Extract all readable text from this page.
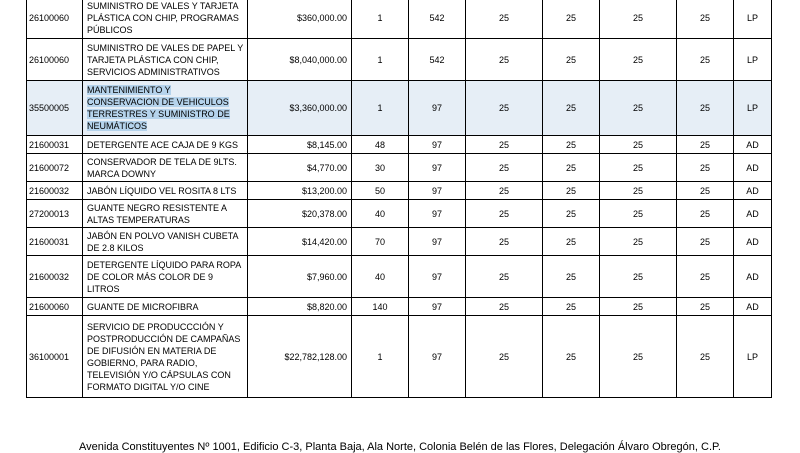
26100060	SUMINISTRO DE VALES Y TARJETA PLÁSTICA CON CHIP, PROGRAMAS PÚBLICOS	$360,000.00	1	542	25	25	25	25	LP
26100060	SUMINISTRO DE VALES DE PAPEL Y TARJETA PLÁSTICA CON CHIP, SERVICIOS ADMINISTRATIVOS	$8,040,000.00	1	542	25	25	25	25	LP
35500005	MANTENIMIENTO Y CONSERVACION DE VEHICULOS TERRESTRES Y SUMINISTRO DE NEUMÁTICOS	$3,360,000.00	1	97	25	25	25	25	LP
21600031	DETERGENTE ACE CAJA DE 9 KGS	$8,145.00	48	97	25	25	25	25	AD
21600072	CONSERVADOR DE TELA DE 9LTS. MARCA DOWNY	$4,770.00	30	97	25	25	25	25	AD
21600032	JABÓN LÍQUIDO VEL ROSITA 8 LTS	$13,200.00	50	97	25	25	25	25	AD
27200013	GUANTE NEGRO RESISTENTE A ALTAS TEMPERATURAS	$20,378.00	40	97	25	25	25	25	AD
21600031	JABÓN EN POLVO VANISH CUBETA DE 2.8 KILOS	$14,420.00	70	97	25	25	25	25	AD
21600032	DETERGENTE LÍQUIDO PARA ROPA DE COLOR MÁS COLOR DE 9 LITROS	$7,960.00	40	97	25	25	25	25	AD
21600060	GUANTE DE MICROFIBRA	$8,820.00	140	97	25	25	25	25	AD
36100001	SERVICIO DE PRODUCCCIÓN Y POSTPRODUCCIÓN DE CAMPAÑAS DE DIFUSIÓN EN MATERIA DE GOBIERNO, PARA RADIO, TELEVISIÓN Y/O CÁPSULAS CON FORMATO DIGITAL Y/O CINE	$22,782,128.00	1	97	25	25	25	25	LP
Avenida Constituyentes Nº 1001, Edificio C-3, Planta Baja, Ala Norte, Colonia Belén de las Flores, Delegación Álvaro Obregón, C.P.
